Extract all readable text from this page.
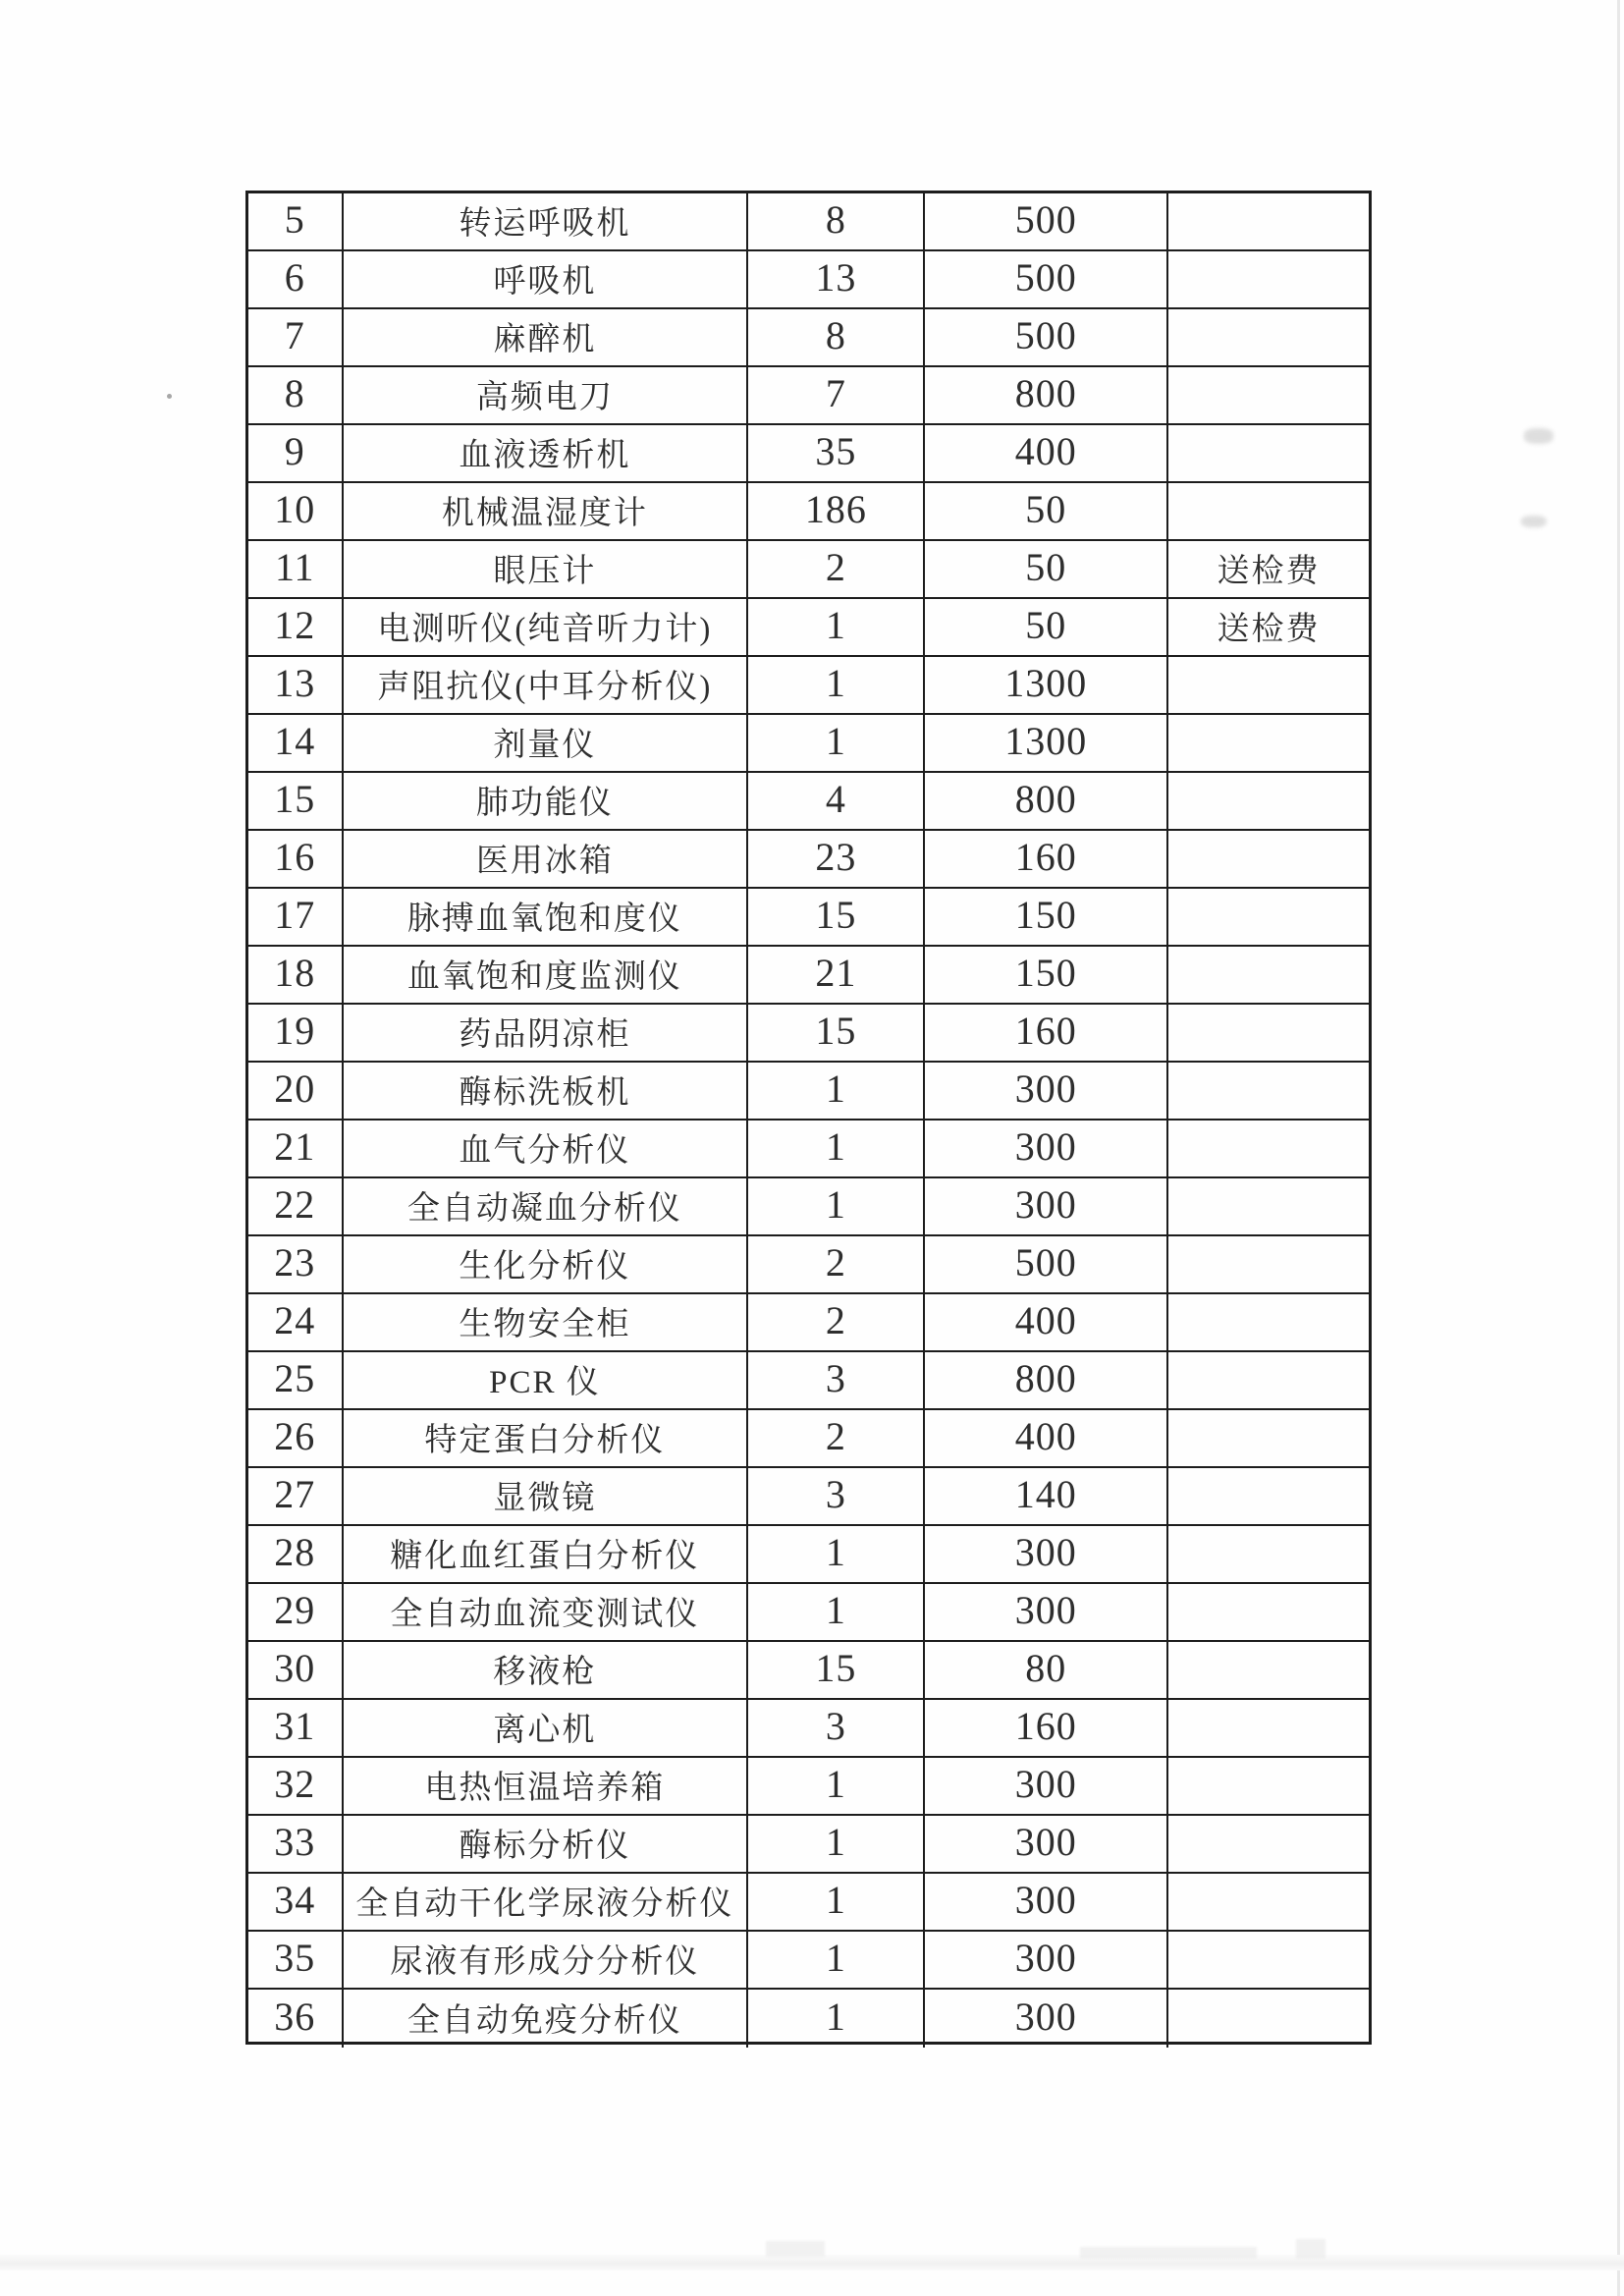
5	转运呼吸机	8	500
6	呼吸机	13	500
7	麻醉机	8	500
8	高频电刀	7	800
9	血液透析机	35	400
10	机械温湿度计	186	50
11	眼压计	2	50	送检费
12	电测听仪(纯音听力计)	1	50	送检费
13	声阻抗仪(中耳分析仪)	1	1300
14	剂量仪	1	1300
15	肺功能仪	4	800
16	医用冰箱	23	160
17	脉搏血氧饱和度仪	15	150
18	血氧饱和度监测仪	21	150
19	药品阴凉柜	15	160
20	酶标洗板机	1	300
21	血气分析仪	1	300
22	全自动凝血分析仪	1	300
23	生化分析仪	2	500
24	生物安全柜	2	400
25	PCR 仪	3	800
26	特定蛋白分析仪	2	400
27	显微镜	3	140
28	糖化血红蛋白分析仪	1	300
29	全自动血流变测试仪	1	300
30	移液枪	15	80
31	离心机	3	160
32	电热恒温培养箱	1	300
33	酶标分析仪	1	300
34	全自动干化学尿液分析仪	1	300
35	尿液有形成分分析仪	1	300
36	全自动免疫分析仪	1	300
